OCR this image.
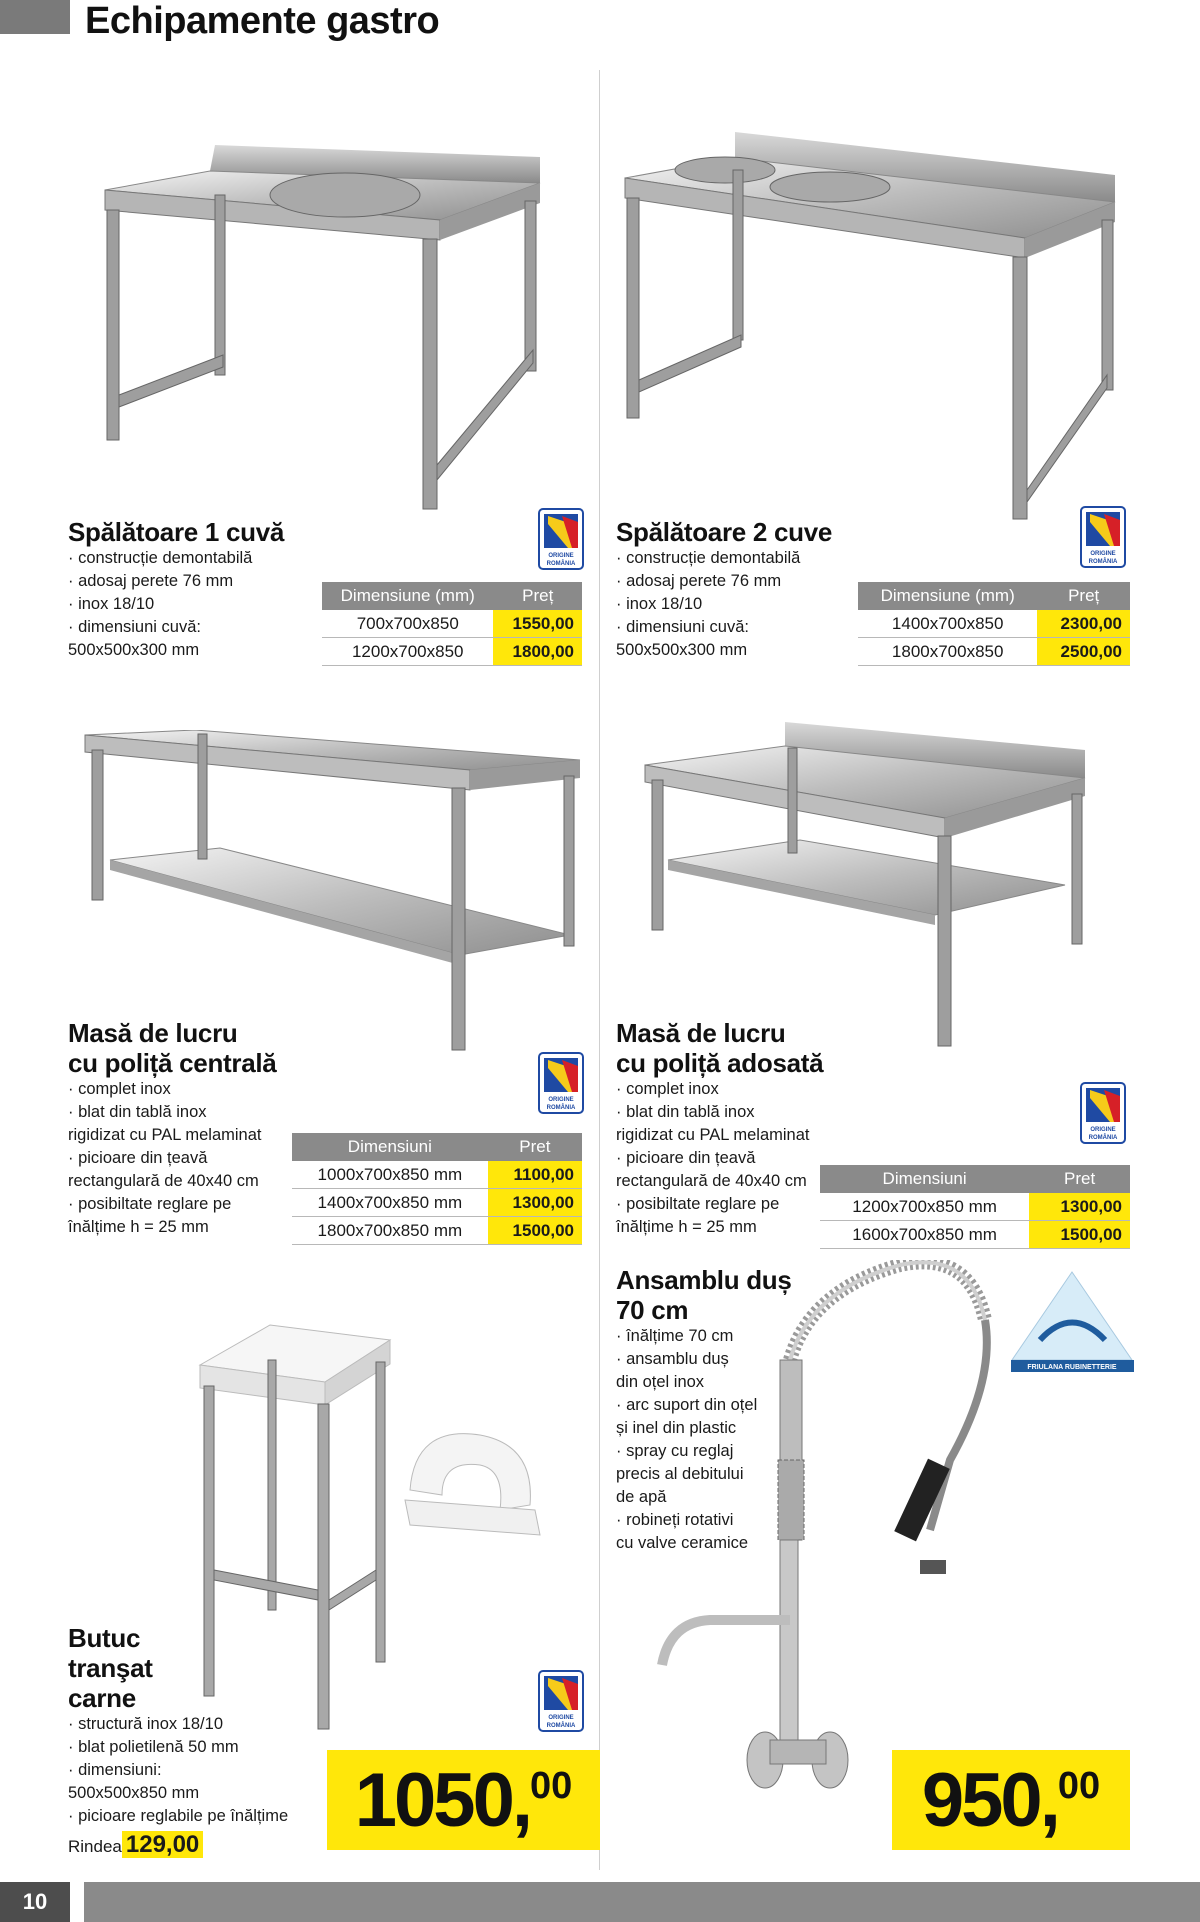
Echipamente gastro
ORIGINE
ROMÂNIA
Spălătoare 1 cuvă
· construcție demontabilă
· adosaj perete 76 mm
· inox 18/10
· dimensiuni cuvă:
500x500x300 mm
Dimensiune (mm)	Preț
700x700x850	1550,00
1200x700x850	1800,00
ORIGINE
ROMÂNIA
Spălătoare 2 cuve
· construcție demontabilă
· adosaj perete 76 mm
· inox 18/10
· dimensiuni cuvă:
500x500x300 mm
Dimensiune (mm)	Preț
1400x700x850	2300,00
1800x700x850	2500,00
ORIGINE
ROMÂNIA
Masă de lucru
cu poliță centrală
· complet inox
· blat din tablă inox
rigidizat cu PAL melaminat
· picioare din țeavă
rectangulară de 40x40 cm
· posibiltate reglare pe
înălțime h = 25 mm
Dimensiuni	Pret
1000x700x850 mm	1100,00
1400x700x850 mm	1300,00
1800x700x850 mm	1500,00
ORIGINE
ROMÂNIA
Masă de lucru
cu poliță adosată
· complet inox
· blat din tablă inox
rigidizat cu PAL melaminat
· picioare din țeavă
rectangulară de 40x40 cm
· posibiltate reglare pe
înălțime h = 25 mm
Dimensiuni	Pret
1200x700x850 mm	1300,00
1600x700x850 mm	1500,00
ORIGINE
ROMÂNIA
Butuc
tranşat
carne
· structură inox 18/10
· blat polietilenă 50 mm
· dimensiuni:
500x500x850 mm
· picioare reglabile pe înălțime
Rindea 129,00
1050, 00
FRIULANA RUBINETTERIE
Ansamblu duș
70 cm
· înălțime 70 cm
· ansamblu duș
din oțel inox
· arc suport din oțel
și inel din plastic
· spray cu reglaj
precis al debitului
de apă
· robineți rotativi
cu valve ceramice
950, 00
10
